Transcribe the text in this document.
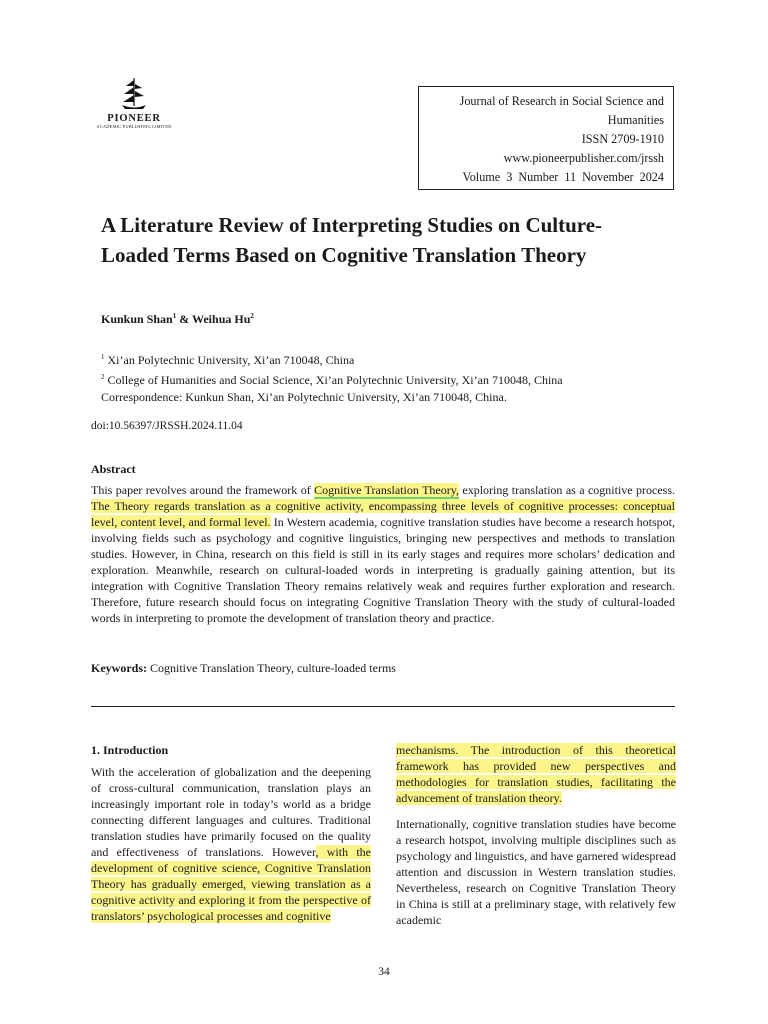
PIONEER
ACADEMIC PUBLISHING LIMITED
Journal of Research in Social Science and
Humanities
ISSN 2709-1910
www.pioneerpublisher.com/jrssh
Volume 3 Number 11 November 2024
A Literature Review of Interpreting Studies on Culture-Loaded Terms Based on Cognitive Translation Theory
Kunkun Shan$^1$ & Weihua Hu$^2$
$^1$ Xi’an Polytechnic University, Xi’an 710048, China
$^2$ College of Humanities and Social Science, Xi’an Polytechnic University, Xi’an 710048, China
Correspondence: Kunkun Shan, Xi’an Polytechnic University, Xi’an 710048, China.
doi:10.56397/JRSSH.2024.11.04
Abstract
This paper revolves around the framework of Cognitive Translation Theory, exploring translation as a cognitive process. The Theory regards translation as a cognitive activity, encompassing three levels of cognitive processes: conceptual level, content level, and formal level. In Western academia, cognitive translation studies have become a research hotspot, involving fields such as psychology and cognitive linguistics, bringing new perspectives and methods to translation studies. However, in China, research on this field is still in its early stages and requires more scholars’ dedication and exploration. Meanwhile, research on cultural-loaded words in interpreting is gradually gaining attention, but its integration with Cognitive Translation Theory remains relatively weak and requires further exploration and research. Therefore, future research should focus on integrating Cognitive Translation Theory with the study of cultural-loaded words in interpreting to promote the development of translation theory and practice.
Keywords: Cognitive Translation Theory, culture-loaded terms
1. Introduction

With the acceleration of globalization and the deepening of cross-cultural communication, translation plays an increasingly important role in today’s world as a bridge connecting different languages and cultures. Traditional translation studies have primarily focused on the quality and effectiveness of translations. However, with the development of cognitive science, Cognitive Translation Theory has gradually emerged, viewing translation as a cognitive activity and exploring it from the perspective of translators’ psychological processes and cognitive

mechanisms. The introduction of this theoretical framework has provided new perspectives and methodologies for translation studies, facilitating the advancement of translation theory.

Internationally, cognitive translation studies have become a research hotspot, involving multiple disciplines such as psychology and linguistics, and have garnered widespread attention and discussion in Western translation studies. Nevertheless, research on Cognitive Translation Theory in China is still at a preliminary stage, with relatively few academic

34
